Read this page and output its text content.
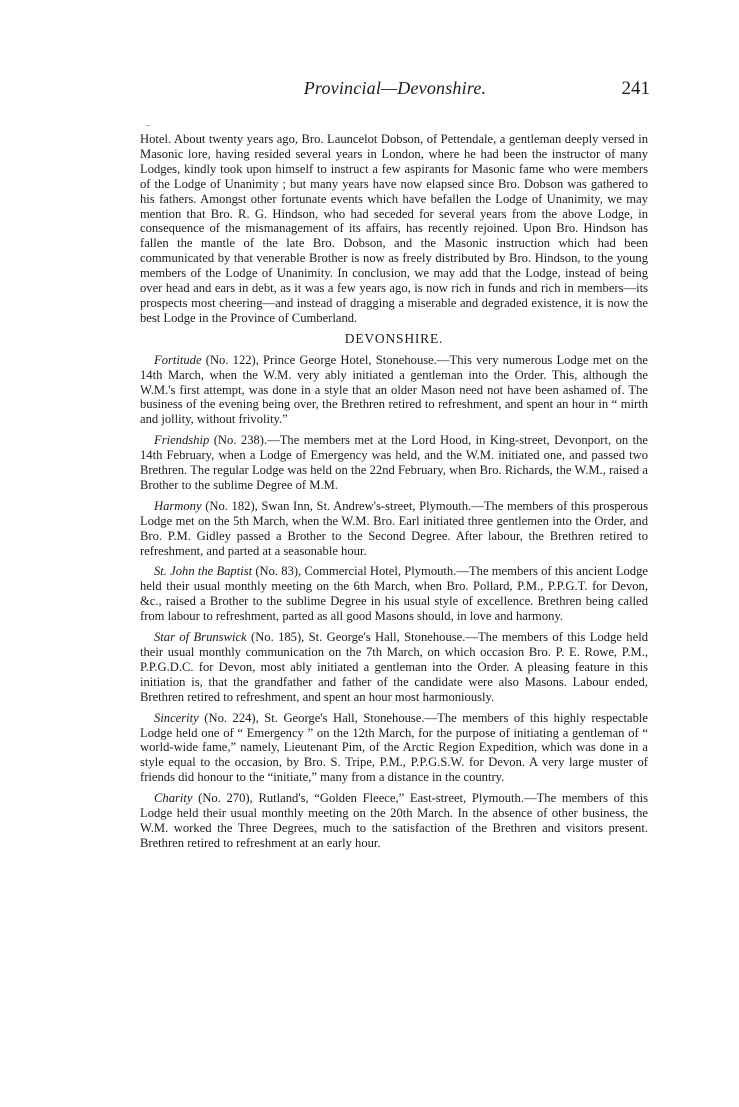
Provincial—Devonshire.	241
–

Hotel. About twenty years ago, Bro. Launcelot Dobson, of Pettendale, a gentleman deeply versed in Masonic lore, having resided several years in London, where he had been the instructor of many Lodges, kindly took upon himself to instruct a few aspirants for Masonic fame who were members of the Lodge of Unanimity ; but many years have now elapsed since Bro. Dobson was gathered to his fathers. Amongst other fortunate events which have befallen the Lodge of Unanimity, we may mention that Bro. R. G. Hindson, who had seceded for several years from the above Lodge, in consequence of the mismanagement of its affairs, has recently rejoined. Upon Bro. Hindson has fallen the mantle of the late Bro. Dobson, and the Masonic instruction which had been communicated by that venerable Brother is now as freely distributed by Bro. Hindson, to the young members of the Lodge of Unanimity. In conclusion, we may add that the Lodge, instead of being over head and ears in debt, as it was a few years ago, is now rich in funds and rich in members—its prospects most cheering—and instead of dragging a miserable and degraded existence, it is now the best Lodge in the Province of Cumberland.

DEVONSHIRE.

Fortitude (No. 122), Prince George Hotel, Stonehouse.—This very numerous Lodge met on the 14th March, when the W.M. very ably initiated a gentleman into the Order. This, although the W.M.'s first attempt, was done in a style that an older Mason need not have been ashamed of. The business of the evening being over, the Brethren retired to refreshment, and spent an hour in “ mirth and jollity, without frivolity.”

Friendship (No. 238).—The members met at the Lord Hood, in King-street, Devonport, on the 14th February, when a Lodge of Emergency was held, and the W.M. initiated one, and passed two Brethren. The regular Lodge was held on the 22nd February, when Bro. Richards, the W.M., raised a Brother to the sublime Degree of M.M.

Harmony (No. 182), Swan Inn, St. Andrew's-street, Plymouth.—The members of this prosperous Lodge met on the 5th March, when the W.M. Bro. Earl initiated three gentlemen into the Order, and Bro. P.M. Gidley passed a Brother to the Second Degree. After labour, the Brethren retired to refreshment, and parted at a seasonable hour.

St. John the Baptist (No. 83), Commercial Hotel, Plymouth.—The members of this ancient Lodge held their usual monthly meeting on the 6th March, when Bro. Pollard, P.M., P.P.G.T. for Devon, &c., raised a Brother to the sublime Degree in his usual style of excellence. Brethren being called from labour to refreshment, parted as all good Masons should, in love and harmony.

Star of Brunswick (No. 185), St. George's Hall, Stonehouse.—The members of this Lodge held their usual monthly communication on the 7th March, on which occasion Bro. P. E. Rowe, P.M., P.P.G.D.C. for Devon, most ably initiated a gentleman into the Order. A pleasing feature in this initiation is, that the grandfather and father of the candidate were also Masons. Labour ended, Brethren retired to refreshment, and spent an hour most harmoniously.

Sincerity (No. 224), St. George's Hall, Stonehouse.—The members of this highly respectable Lodge held one of “ Emergency ” on the 12th March, for the purpose of initiating a gentleman of “ world-wide fame,” namely, Lieutenant Pim, of the Arctic Region Expedition, which was done in a style equal to the occasion, by Bro. S. Tripe, P.M., P.P.G.S.W. for Devon. A very large muster of friends did honour to the “initiate,” many from a distance in the country.

Charity (No. 270), Rutland's, “Golden Fleece,” East-street, Plymouth.—The members of this Lodge held their usual monthly meeting on the 20th March. In the absence of other business, the W.M. worked the Three Degrees, much to the satisfaction of the Brethren and visitors present. Brethren retired to refreshment at an early hour.
